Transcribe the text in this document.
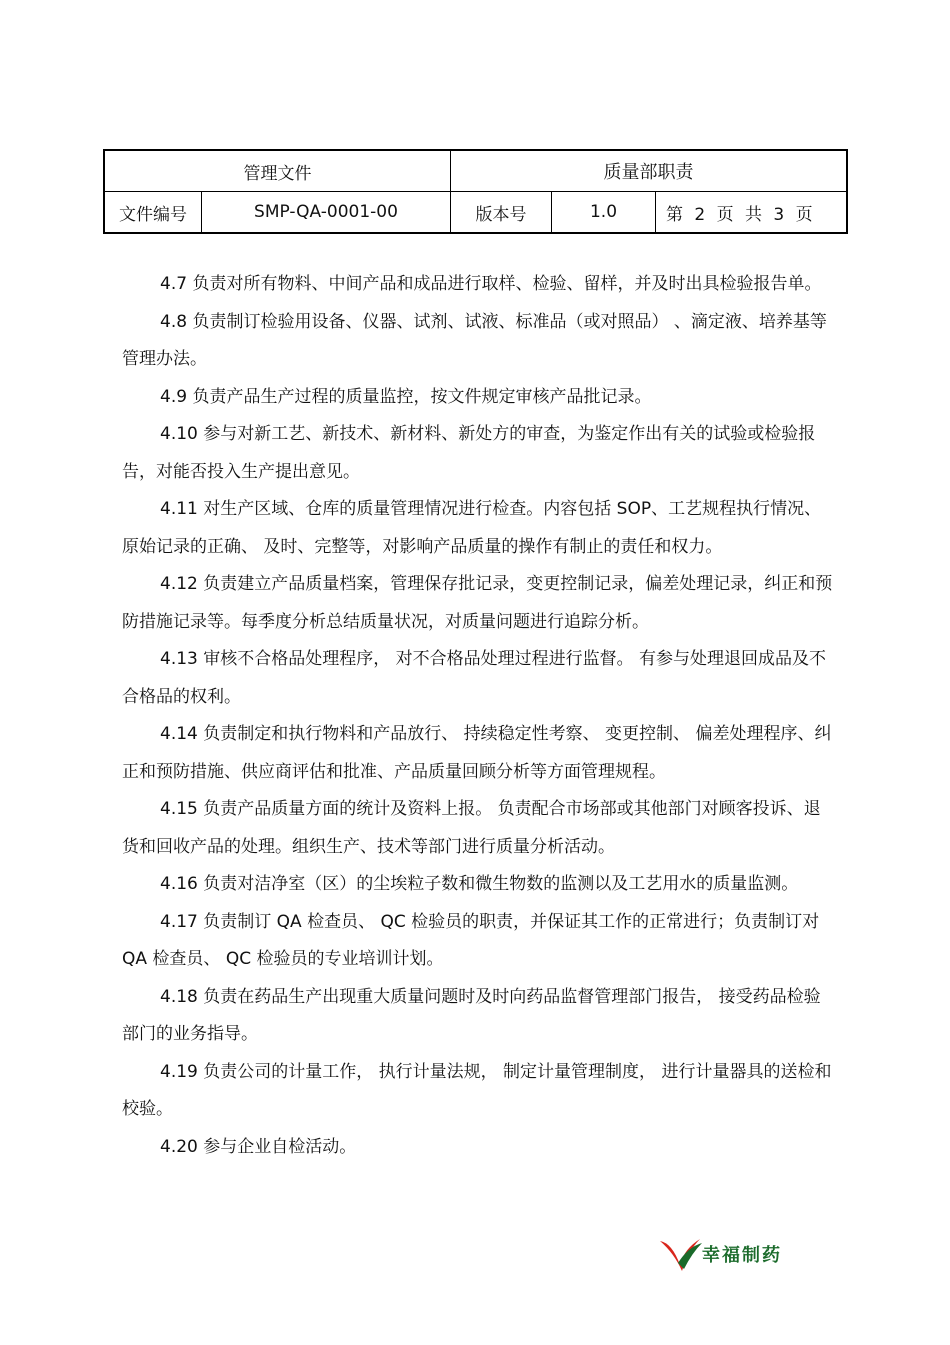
管理文件		质量部职责		
文件编号	SMP-QA-0001-00	版本号	1.0	第 2 页 共 3 页

4.7 负责对所有物料、中间产品和成品进行取样、检验、留样，并及时出具检验报告单。

4.8 负责制订检验用设备、仪器、试剂、试液、标准品（或对照品） 、滴定液、培养基等管理办法。

4.9 负责产品生产过程的质量监控，按文件规定审核产品批记录。

4.10 参与对新工艺、新技术、新材料、新处方的审查，为鉴定作出有关的试验或检验报告，对能否投入生产提出意见。

4.11 对生产区域、仓库的质量管理情况进行检查。内容包括 SOP、工艺规程执行情况、原始记录的正确、 及时、完整等，对影响产品质量的操作有制止的责任和权力。

4.12 负责建立产品质量档案，管理保存批记录，变更控制记录，偏差处理记录，纠正和预防措施记录等。每季度分析总结质量状况，对质量问题进行追踪分析。

4.13 审核不合格品处理程序， 对不合格品处理过程进行监督。 有参与处理退回成品及不合格品的权利。

4.14 负责制定和执行物料和产品放行、 持续稳定性考察、 变更控制、 偏差处理程序、纠正和预防措施、供应商评估和批准、产品质量回顾分析等方面管理规程。

4.15 负责产品质量方面的统计及资料上报。 负责配合市场部或其他部门对顾客投诉、退货和回收产品的处理。组织生产、技术等部门进行质量分析活动。

4.16 负责对洁净室（区）的尘埃粒子数和微生物数的监测以及工艺用水的质量监测。

4.17 负责制订 QA 检查员、 QC 检验员的职责，并保证其工作的正常进行；负责制订对 QA 检查员、 QC 检验员的专业培训计划。

4.18 负责在药品生产出现重大质量问题时及时向药品监督管理部门报告， 接受药品检验部门的业务指导。

4.19 负责公司的计量工作， 执行计量法规， 制定计量管理制度， 进行计量器具的送检和校验。

4.20 参与企业自检活动。

幸福制药
